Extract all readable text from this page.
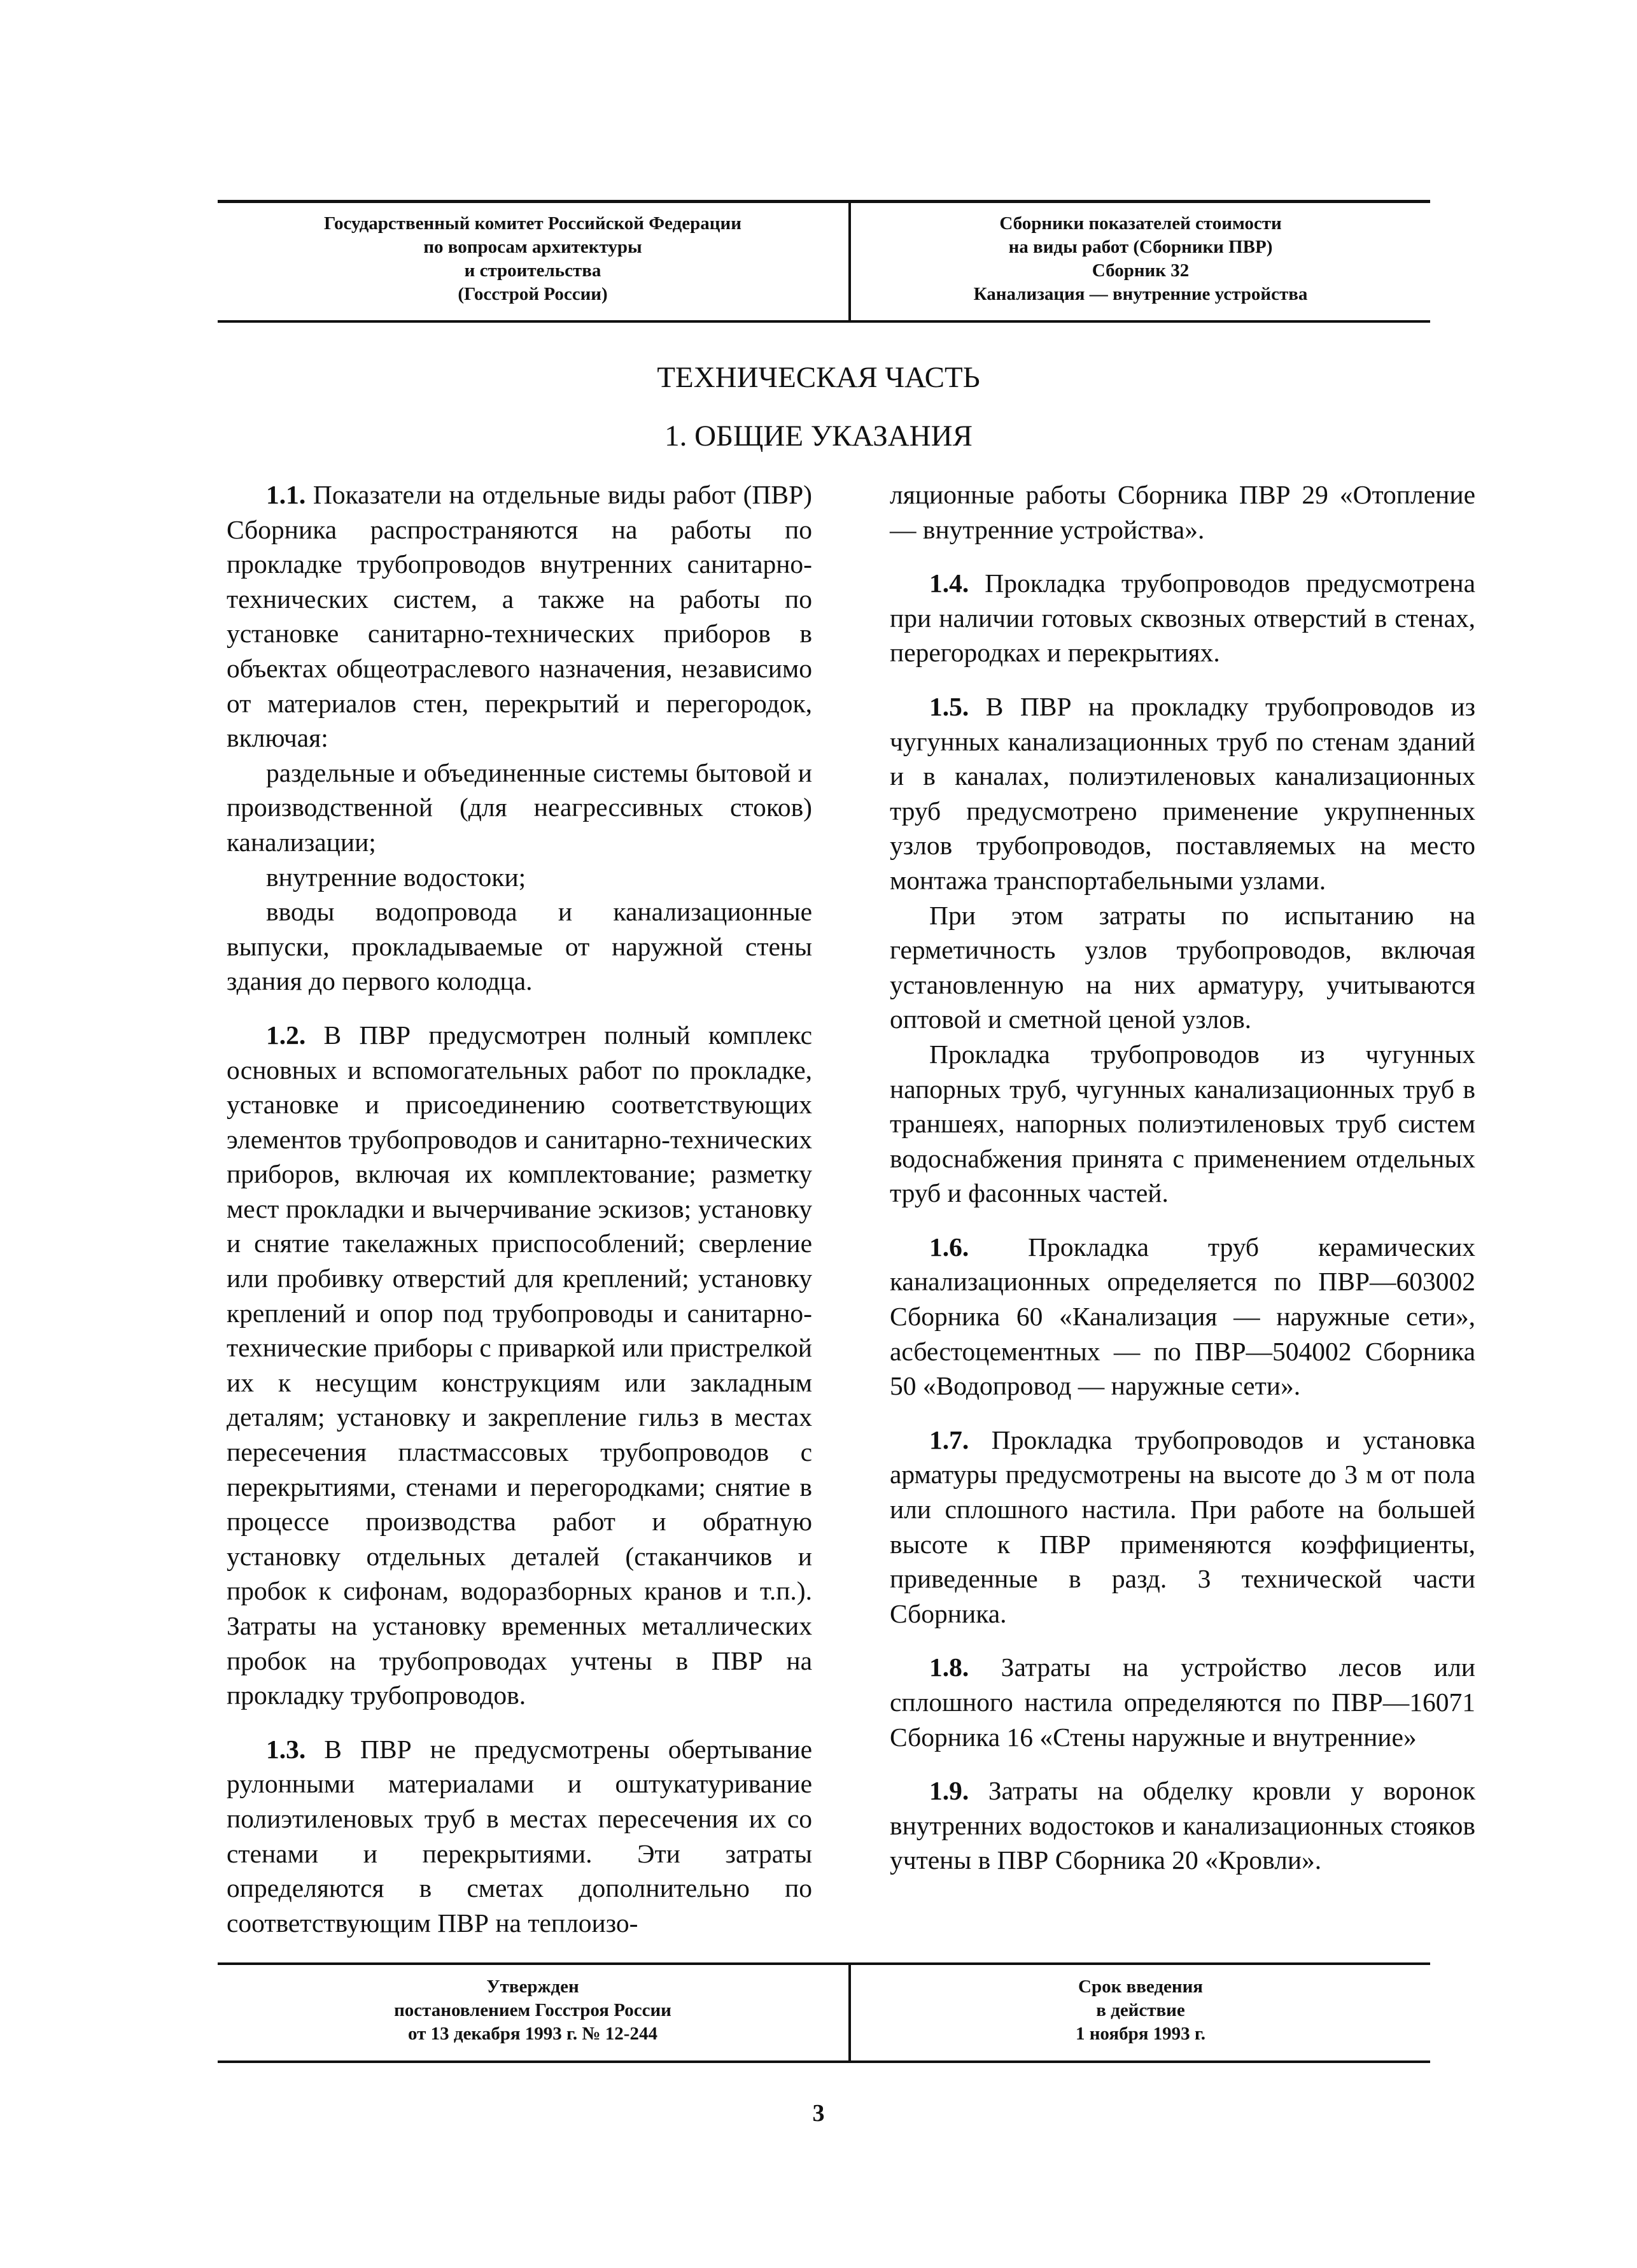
Государственный комитет Российской Федерации
по вопросам архитектуры
и строительства
(Госстрой России)
Сборники показателей стоимости
на виды работ (Сборники ПВР)
Сборник 32
Канализация — внутренние устройства
ТЕХНИЧЕСКАЯ ЧАСТЬ
1. ОБЩИЕ УКАЗАНИЯ

1.1. Показатели на отдельные виды работ (ПВР) Сборника распространяются на работы по прокладке трубопроводов внутренних санитарно-технических систем, а также на работы по установке санитарно-технических приборов в объектах общеотраслевого назначения, независимо от материалов стен, перекрытий и перегородок, включая:

раздельные и объединенные системы бытовой и производственной (для неагрессивных стоков) канализации;

внутренние водостоки;

вводы водопровода и канализационные выпуски, прокладываемые от наружной стены здания до первого колодца.

1.2. В ПВР предусмотрен полный комплекс основных и вспомогательных работ по прокладке, установке и присоединению соответствующих элементов трубопроводов и санитарно-технических приборов, включая их комплектование; разметку мест прокладки и вычерчивание эскизов; установку и снятие такелажных приспособлений; сверление или пробивку отверстий для креплений; установку креплений и опор под трубопроводы и санитарно-технические приборы с приваркой или пристрелкой их к несущим конструкциям или закладным деталям; установку и закрепление гильз в местах пересечения пластмассовых трубопроводов с перекрытиями, стенами и перегородками; снятие в процессе производства работ и обратную установку отдельных деталей (стаканчиков и пробок к сифонам, водоразборных кранов и т.п.). Затраты на установку временных металлических пробок на трубопроводах учтены в ПВР на прокладку трубопроводов.

1.3. В ПВР не предусмотрены обертывание рулонными материалами и оштукатуривание полиэтиленовых труб в местах пересечения их со стенами и перекрытиями. Эти затраты определяются в сметах дополнительно по соответствующим ПВР на теплоизо-

ляционные работы Сборника ПВР 29 «Отопление — внутренние устройства».

1.4. Прокладка трубопроводов предусмотрена при наличии готовых сквозных отверстий в стенах, перегородках и перекрытиях.

1.5. В ПВР на прокладку трубопроводов из чугунных канализационных труб по стенам зданий и в каналах, полиэтиленовых канализационных труб предусмотрено применение укрупненных узлов трубопроводов, поставляемых на место монтажа транспортабельными узлами.

При этом затраты по испытанию на герметичность узлов трубопроводов, включая установленную на них арматуру, учитываются оптовой и сметной ценой узлов.

Прокладка трубопроводов из чугунных напорных труб, чугунных канализационных труб в траншеях, напорных полиэтиленовых труб систем водоснабжения принята с применением отдельных труб и фасонных частей.

1.6. Прокладка труб керамических канализационных определяется по ПВР—603002 Сборника 60 «Канализация — наружные сети», асбестоцементных — по ПВР—504002 Сборника 50 «Водопровод — наружные сети».

1.7. Прокладка трубопроводов и установка арматуры предусмотрены на высоте до 3 м от пола или сплошного настила. При работе на большей высоте к ПВР применяются коэффициенты, приведенные в разд. 3 технической части Сборника.

1.8. Затраты на устройство лесов или сплошного настила определяются по ПВР—16071 Сборника 16 «Стены наружные и внутренние»

1.9. Затраты на обделку кровли у воронок внутренних водостоков и канализационных стояков учтены в ПВР Сборника 20 «Кровли».

Утвержден
постановлением Госстроя России
от 13 декабря 1993 г. № 12-244
Срок введения
в действие
1 ноября 1993 г.
3
